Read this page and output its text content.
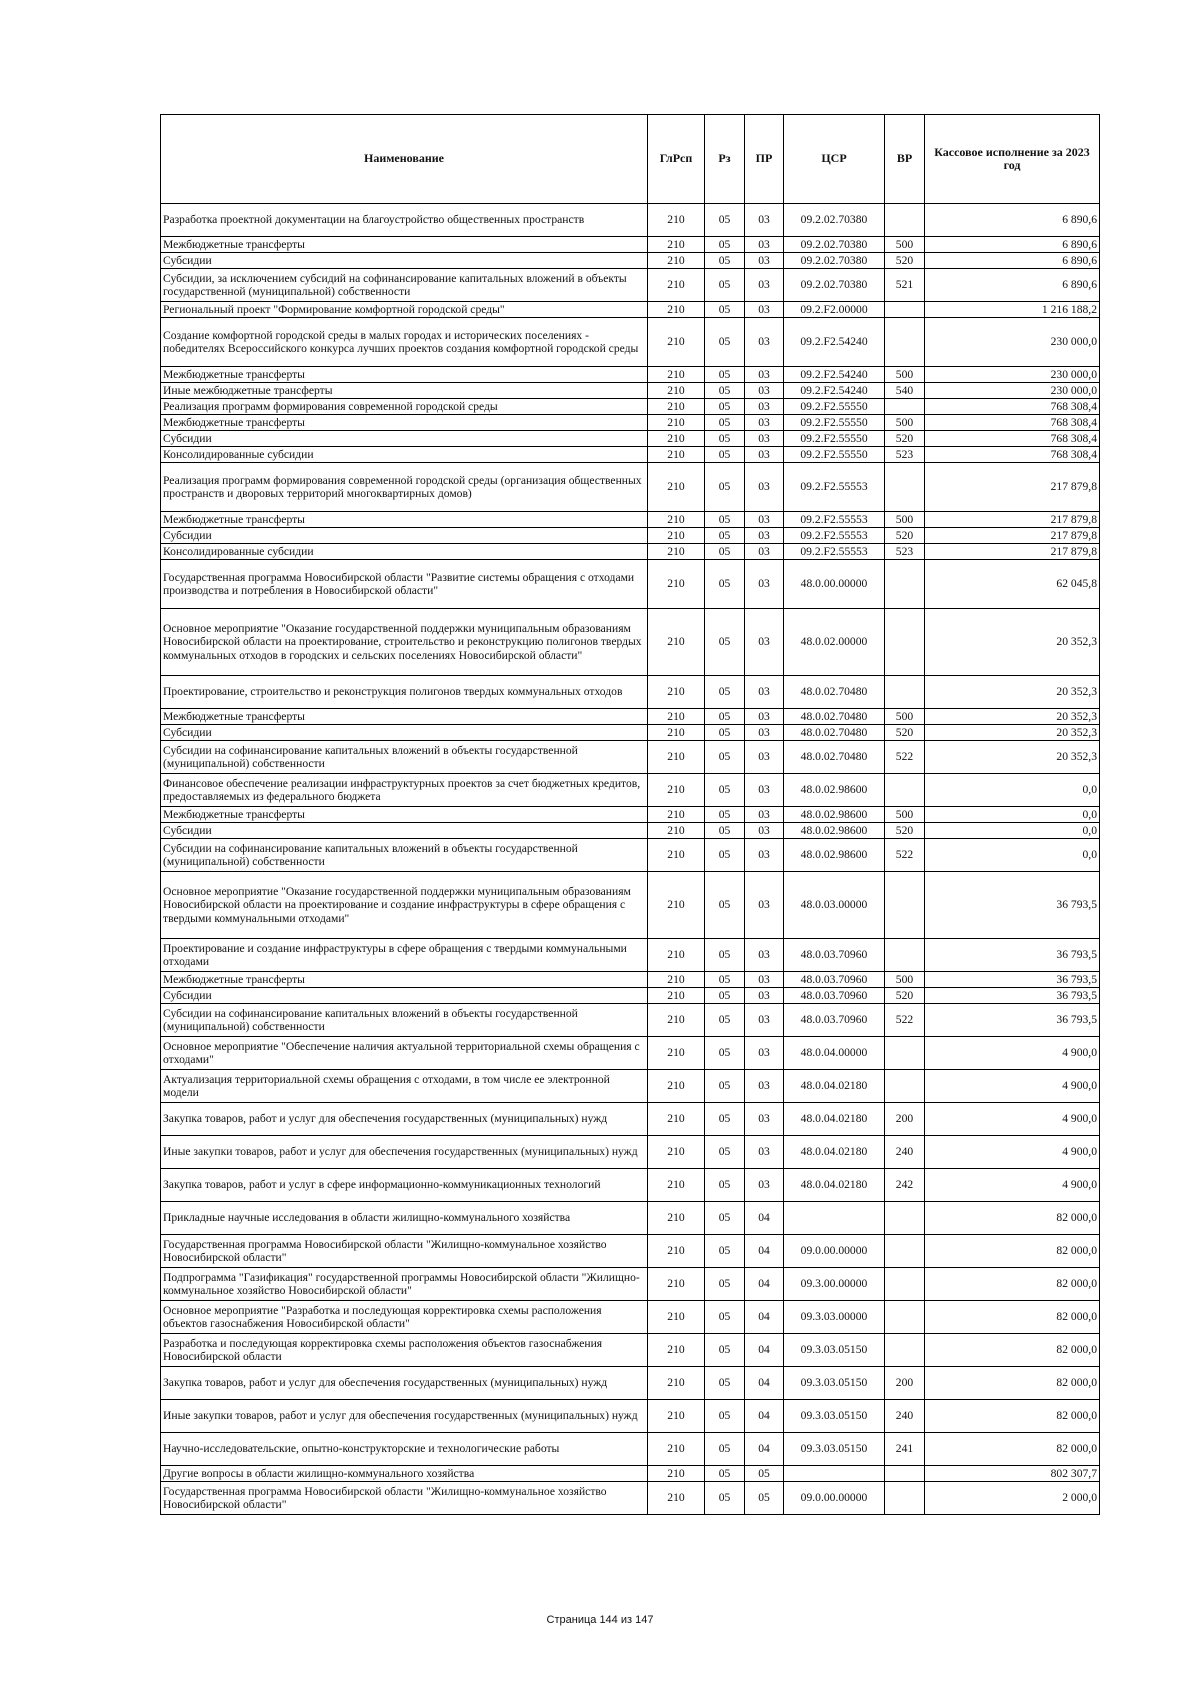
Наименование	ГлРсп	Рз	ПР	ЦСР	ВР	Кассовое исполнение за 2023 год
Разработка проектной документации на благоустройство общественных пространств	210	05	03	09.2.02.70380		6 890,6
Межбюджетные трансферты	210	05	03	09.2.02.70380	500	6 890,6
Субсидии	210	05	03	09.2.02.70380	520	6 890,6
Субсидии, за исключением субсидий на софинансирование капитальных вложений в объекты государственной (муниципальной) собственности	210	05	03	09.2.02.70380	521	6 890,6
Региональный проект "Формирование комфортной городской среды"	210	05	03	09.2.F2.00000		1 216 188,2
Создание комфортной городской среды в малых городах и исторических поселениях - победителях Всероссийского конкурса лучших проектов создания комфортной городской среды	210	05	03	09.2.F2.54240		230 000,0
Межбюджетные трансферты	210	05	03	09.2.F2.54240	500	230 000,0
Иные межбюджетные трансферты	210	05	03	09.2.F2.54240	540	230 000,0
Реализация программ формирования современной городской среды	210	05	03	09.2.F2.55550		768 308,4
Межбюджетные трансферты	210	05	03	09.2.F2.55550	500	768 308,4
Субсидии	210	05	03	09.2.F2.55550	520	768 308,4
Консолидированные субсидии	210	05	03	09.2.F2.55550	523	768 308,4
Реализация программ формирования современной городской среды (организация общественных пространств и дворовых территорий многоквартирных домов)	210	05	03	09.2.F2.55553		217 879,8
Межбюджетные трансферты	210	05	03	09.2.F2.55553	500	217 879,8
Субсидии	210	05	03	09.2.F2.55553	520	217 879,8
Консолидированные субсидии	210	05	03	09.2.F2.55553	523	217 879,8
Государственная программа Новосибирской области "Развитие системы обращения с отходами производства и потребления в Новосибирской области"	210	05	03	48.0.00.00000		62 045,8
Основное мероприятие "Оказание государственной поддержки муниципальным образованиям Новосибирской области на проектирование, строительство и реконструкцию полигонов твердых коммунальных отходов в городских и сельских поселениях Новосибирской области"	210	05	03	48.0.02.00000		20 352,3
Проектирование, строительство и реконструкция полигонов твердых коммунальных отходов	210	05	03	48.0.02.70480		20 352,3
Межбюджетные трансферты	210	05	03	48.0.02.70480	500	20 352,3
Субсидии	210	05	03	48.0.02.70480	520	20 352,3
Субсидии на софинансирование капитальных вложений в объекты государственной (муниципальной) собственности	210	05	03	48.0.02.70480	522	20 352,3
Финансовое обеспечение реализации инфраструктурных проектов за счет бюджетных кредитов, предоставляемых из федерального бюджета	210	05	03	48.0.02.98600		0,0
Межбюджетные трансферты	210	05	03	48.0.02.98600	500	0,0
Субсидии	210	05	03	48.0.02.98600	520	0,0
Субсидии на софинансирование капитальных вложений в объекты государственной (муниципальной) собственности	210	05	03	48.0.02.98600	522	0,0
Основное мероприятие "Оказание государственной поддержки муниципальным образованиям Новосибирской области на проектирование и создание инфраструктуры в сфере обращения с твердыми коммунальными отходами"	210	05	03	48.0.03.00000		36 793,5
Проектирование и создание инфраструктуры в сфере обращения с твердыми коммунальными отходами	210	05	03	48.0.03.70960		36 793,5
Межбюджетные трансферты	210	05	03	48.0.03.70960	500	36 793,5
Субсидии	210	05	03	48.0.03.70960	520	36 793,5
Субсидии на софинансирование капитальных вложений в объекты государственной (муниципальной) собственности	210	05	03	48.0.03.70960	522	36 793,5
Основное мероприятие "Обеспечение наличия актуальной территориальной схемы обращения с отходами"	210	05	03	48.0.04.00000		4 900,0
Актуализация территориальной схемы обращения с отходами, в том числе ее электронной модели	210	05	03	48.0.04.02180		4 900,0
Закупка товаров, работ и услуг для обеспечения государственных (муниципальных) нужд	210	05	03	48.0.04.02180	200	4 900,0
Иные закупки товаров, работ и услуг для обеспечения государственных (муниципальных) нужд	210	05	03	48.0.04.02180	240	4 900,0
Закупка товаров, работ и услуг в сфере информационно-коммуникационных технологий	210	05	03	48.0.04.02180	242	4 900,0
Прикладные научные исследования в области жилищно-коммунального хозяйства	210	05	04			82 000,0
Государственная программа Новосибирской области "Жилищно-коммунальное хозяйство Новосибирской области"	210	05	04	09.0.00.00000		82 000,0
Подпрограмма "Газификация" государственной программы Новосибирской области "Жилищно-коммунальное хозяйство Новосибирской области"	210	05	04	09.3.00.00000		82 000,0
Основное мероприятие "Разработка и последующая корректировка схемы расположения объектов газоснабжения Новосибирской области"	210	05	04	09.3.03.00000		82 000,0
Разработка и последующая корректировка схемы расположения объектов газоснабжения Новосибирской области	210	05	04	09.3.03.05150		82 000,0
Закупка товаров, работ и услуг для обеспечения государственных (муниципальных) нужд	210	05	04	09.3.03.05150	200	82 000,0
Иные закупки товаров, работ и услуг для обеспечения государственных (муниципальных) нужд	210	05	04	09.3.03.05150	240	82 000,0
Научно-исследовательские, опытно-конструкторские и технологические работы	210	05	04	09.3.03.05150	241	82 000,0
Другие вопросы в области жилищно-коммунального хозяйства	210	05	05			802 307,7
Государственная программа Новосибирской области "Жилищно-коммунальное хозяйство Новосибирской области"	210	05	05	09.0.00.00000		2 000,0
Страница 144 из 147
